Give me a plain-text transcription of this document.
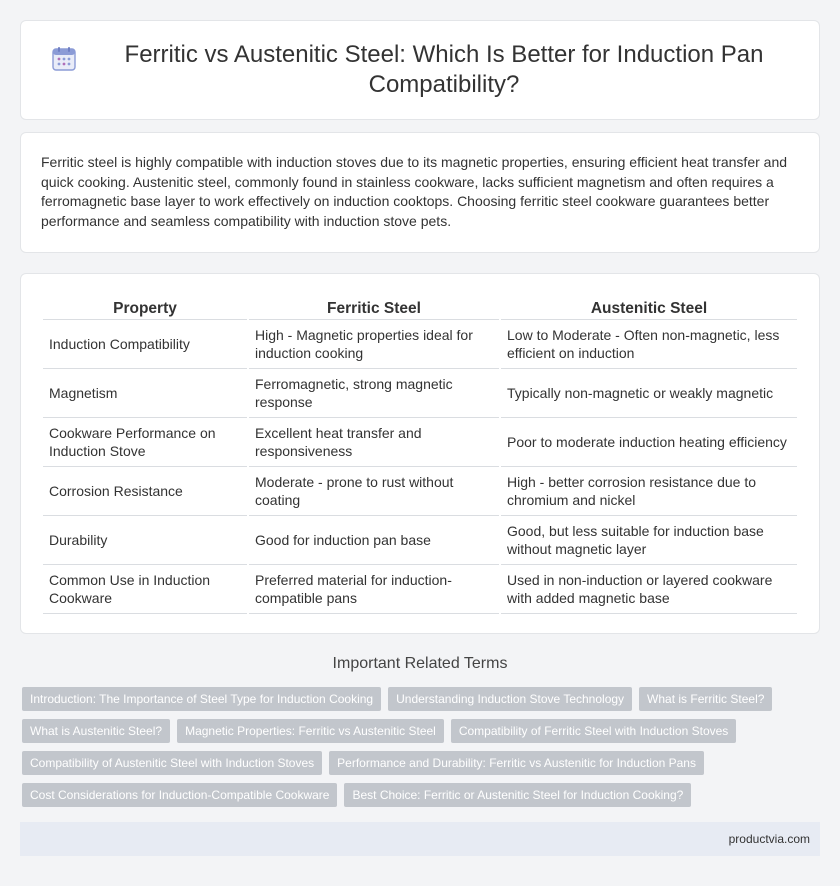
Ferritic vs Austenitic Steel: Which Is Better for Induction Pan Compatibility?

Ferritic steel is highly compatible with induction stoves due to its magnetic properties, ensuring efficient heat transfer and quick cooking. Austenitic steel, commonly found in stainless cookware, lacks sufficient magnetism and often requires a ferromagnetic base layer to work effectively on induction cooktops. Choosing ferritic steel cookware guarantees better performance and seamless compatibility with induction stove pets.

Property	Ferritic Steel	Austenitic Steel
Induction Compatibility	High - Magnetic properties ideal for induction cooking	Low to Moderate - Often non-magnetic, less efficient on induction
Magnetism	Ferromagnetic, strong magnetic response	Typically non-magnetic or weakly magnetic
Cookware Performance on Induction Stove	Excellent heat transfer and responsiveness	Poor to moderate induction heating efficiency
Corrosion Resistance	Moderate - prone to rust without coating	High - better corrosion resistance due to chromium and nickel
Durability	Good for induction pan base	Good, but less suitable for induction base without magnetic layer
Common Use in Induction Cookware	Preferred material for induction-compatible pans	Used in non-induction or layered cookware with added magnetic base
Important Related Terms
Introduction: The Importance of Steel Type for Induction Cooking	Understanding Induction Stove Technology	What is Ferritic Steel?
What is Austenitic Steel?	Magnetic Properties: Ferritic vs Austenitic Steel	Compatibility of Ferritic Steel with Induction Stoves
Compatibility of Austenitic Steel with Induction Stoves	Performance and Durability: Ferritic vs Austenitic for Induction Pans
Cost Considerations for Induction-Compatible Cookware	Best Choice: Ferritic or Austenitic Steel for Induction Cooking?
productvia.com
